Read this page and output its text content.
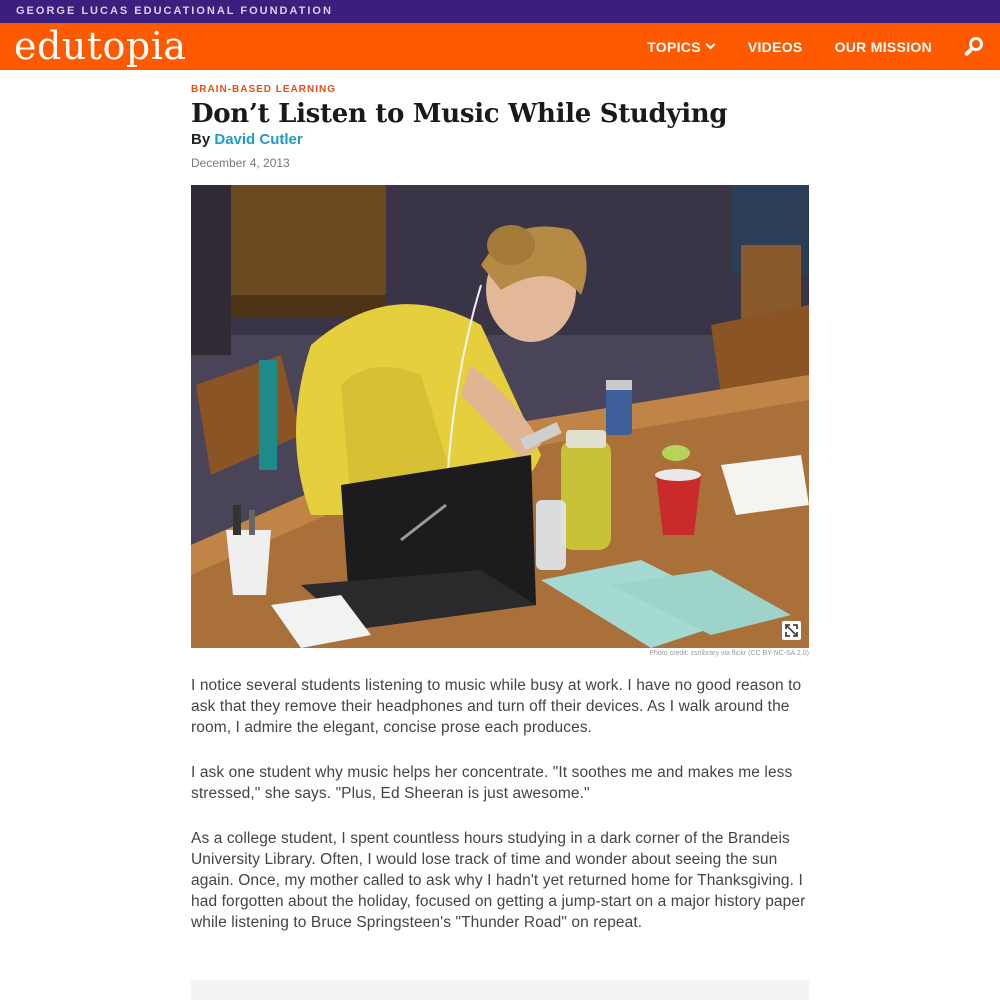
GEORGE LUCAS EDUCATIONAL FOUNDATION
edutopia	TOPICS	VIDEOS OUR MISSION
BRAIN-BASED LEARNING
Don’t Listen to Music While Studying
By David Cutler
December 4, 2013
Photo credit: zsrlibrary via flickr (CC BY-NC-SA 2.0)

I notice several students listening to music while busy at work. I have no good reason to ask that they remove their headphones and turn off their devices. As I walk around the room, I admire the elegant, concise prose each produces.

I ask one student why music helps her concentrate. "It soothes me and makes me less stressed," she says. "Plus, Ed Sheeran is just awesome."

As a college student, I spent countless hours studying in a dark corner of the Brandeis University Library. Often, I would lose track of time and wonder about seeing the sun again. Once, my mother called to ask why I hadn't yet returned home for Thanksgiving. I had forgotten about the holiday, focused on getting a jump-start on a major history paper while listening to Bruce Springsteen's "Thunder Road" on repeat.
